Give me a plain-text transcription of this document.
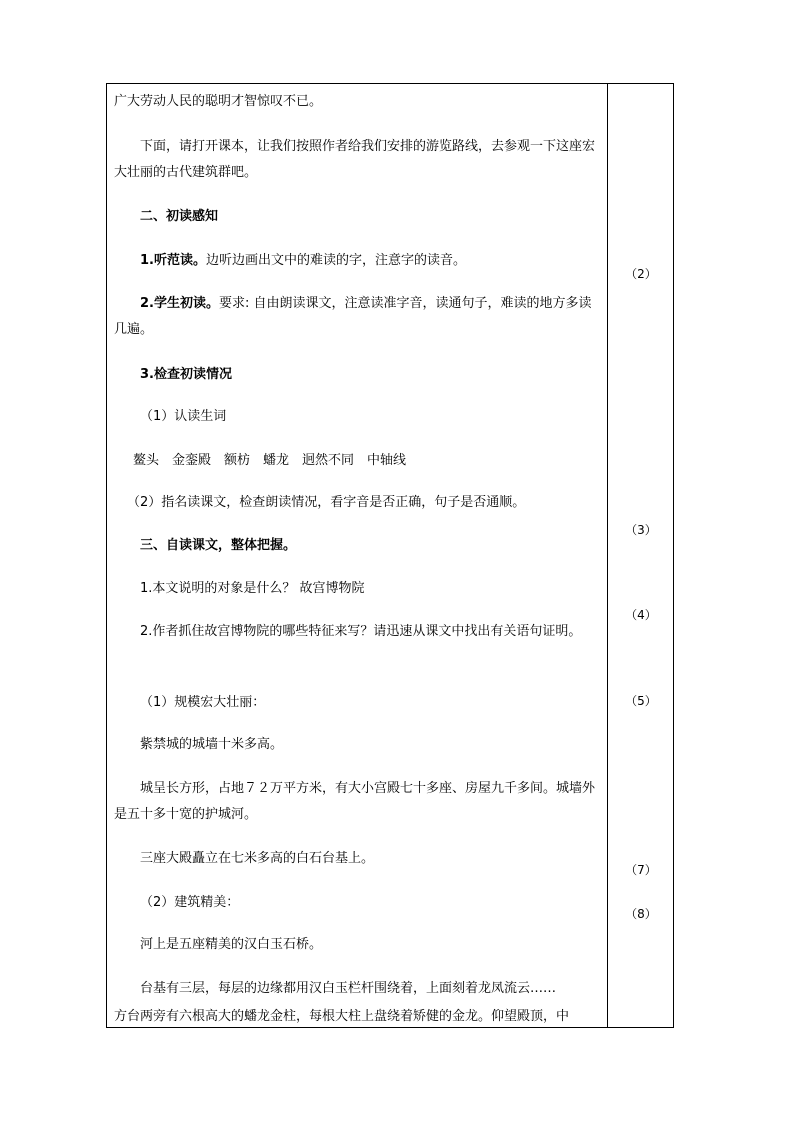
广大劳动人民的聪明才智惊叹不已。
下面，请打开课本，让我们按照作者给我们安排的游览路线，去参观一下这座宏大壮丽的古代建筑群吧。
二、初读感知
1.听范读。边听边画出文中的难读的字，注意字的读音。
2.学生初读。要求: 自由朗读课文，注意读准字音，读通句子，难读的地方多读几遍。
3.检查初读情况
（1）认读生词
鳌头　金銮殿　额枋　蟠龙　迥然不同　中轴线
（2）指名读课文，检查朗读情况，看字音是否正确，句子是否通顺。
三、自读课文，整体把握。
1.本文说明的对象是什么？ 故宫博物院
2.作者抓住故宫博物院的哪些特征来写？请迅速从课文中找出有关语句证明。
（1）规模宏大壮丽：
紫禁城的城墙十米多高。
城呈长方形，占地７２万平方米，有大小宫殿七十多座、房屋九千多间。城墙外是五十多十宽的护城河。
三座大殿矗立在七米多高的白石台基上。
（2）建筑精美：
河上是五座精美的汉白玉石桥。
台基有三层，每层的边缘都用汉白玉栏杆围绕着，上面刻着龙凤流云……
方台两旁有六根高大的蟠龙金柱，每根大柱上盘绕着矫健的金龙。仰望殿顶，中
（2）
（3）
（4）
（5）
（7）
（8）
